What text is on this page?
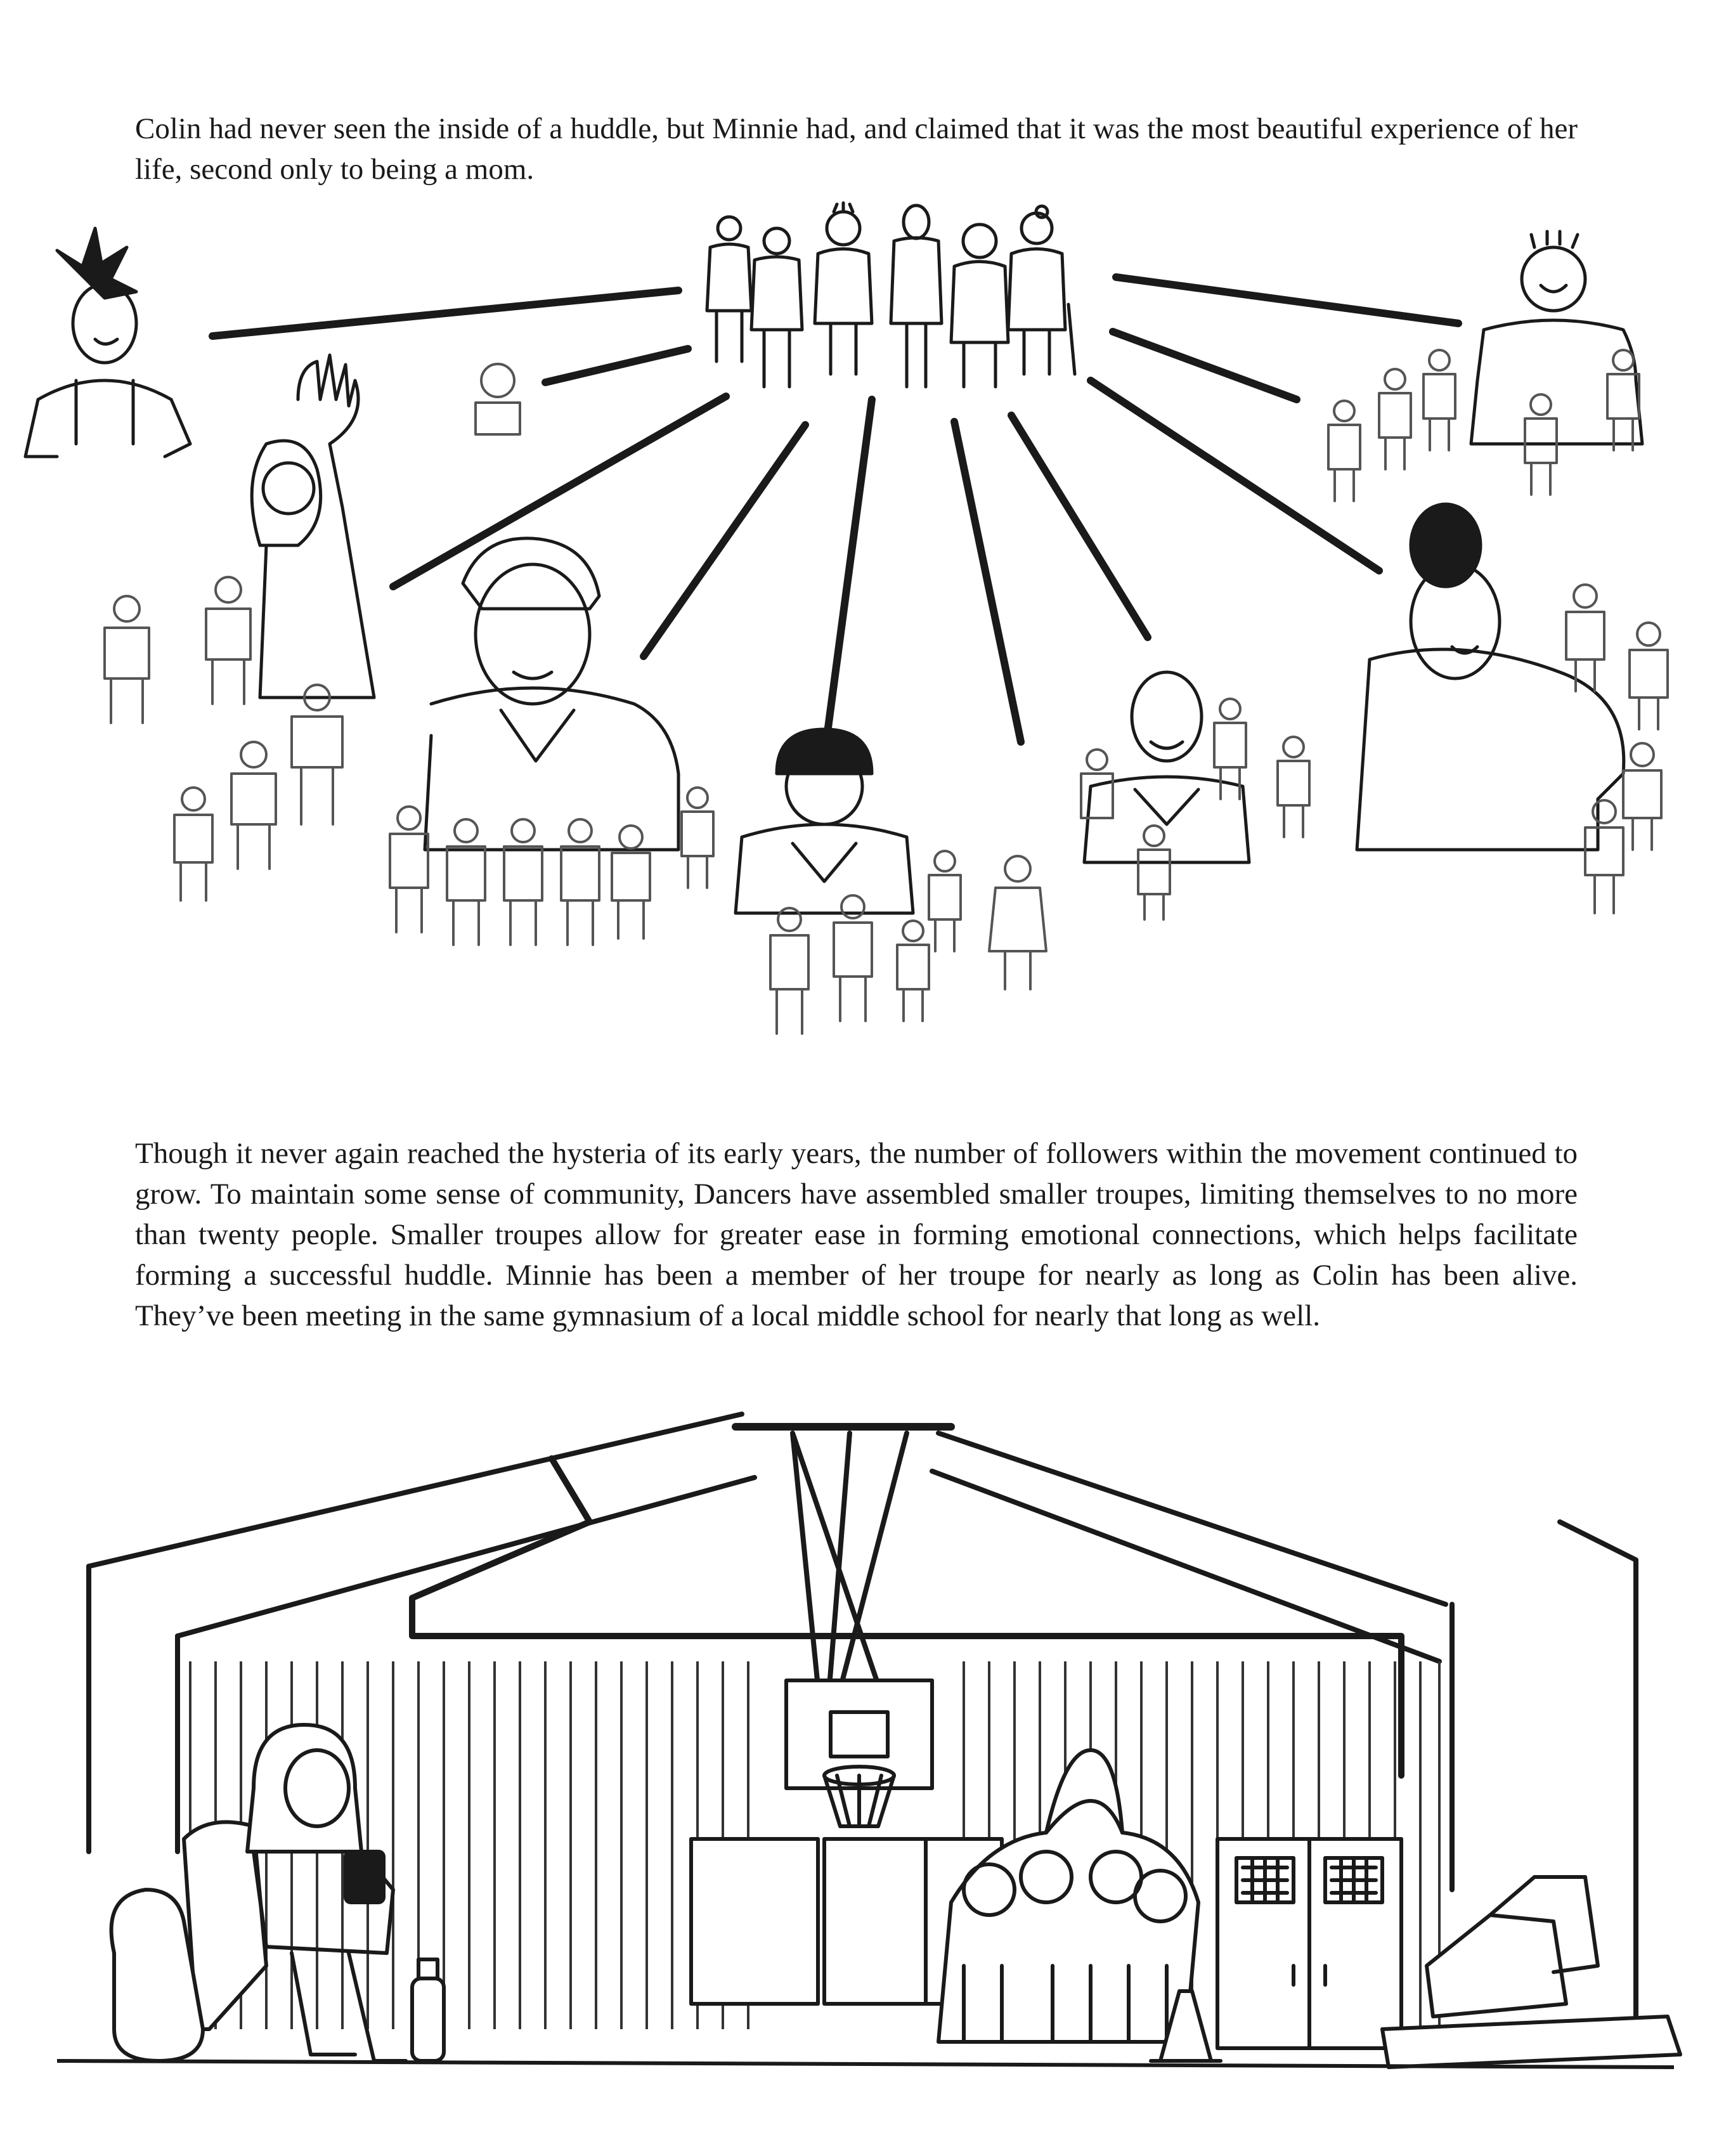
Colin had never seen the inside of a huddle, but Minnie had, and claimed that it was the most beautiful experience of her life, second only to being a mom.

Though it never again reached the hysteria of its early years, the number of followers within the movement continued to grow. To maintain some sense of community, Dancers have assembled smaller troupes, limiting themselves to no more than twenty people. Smaller troupes allow for greater ease in forming emotional connections, which helps facilitate forming a successful huddle. Minnie has been a member of her troupe for nearly as long as Colin has been alive. They’ve been meeting in the same gymnasium of a local middle school for nearly that long as well.
